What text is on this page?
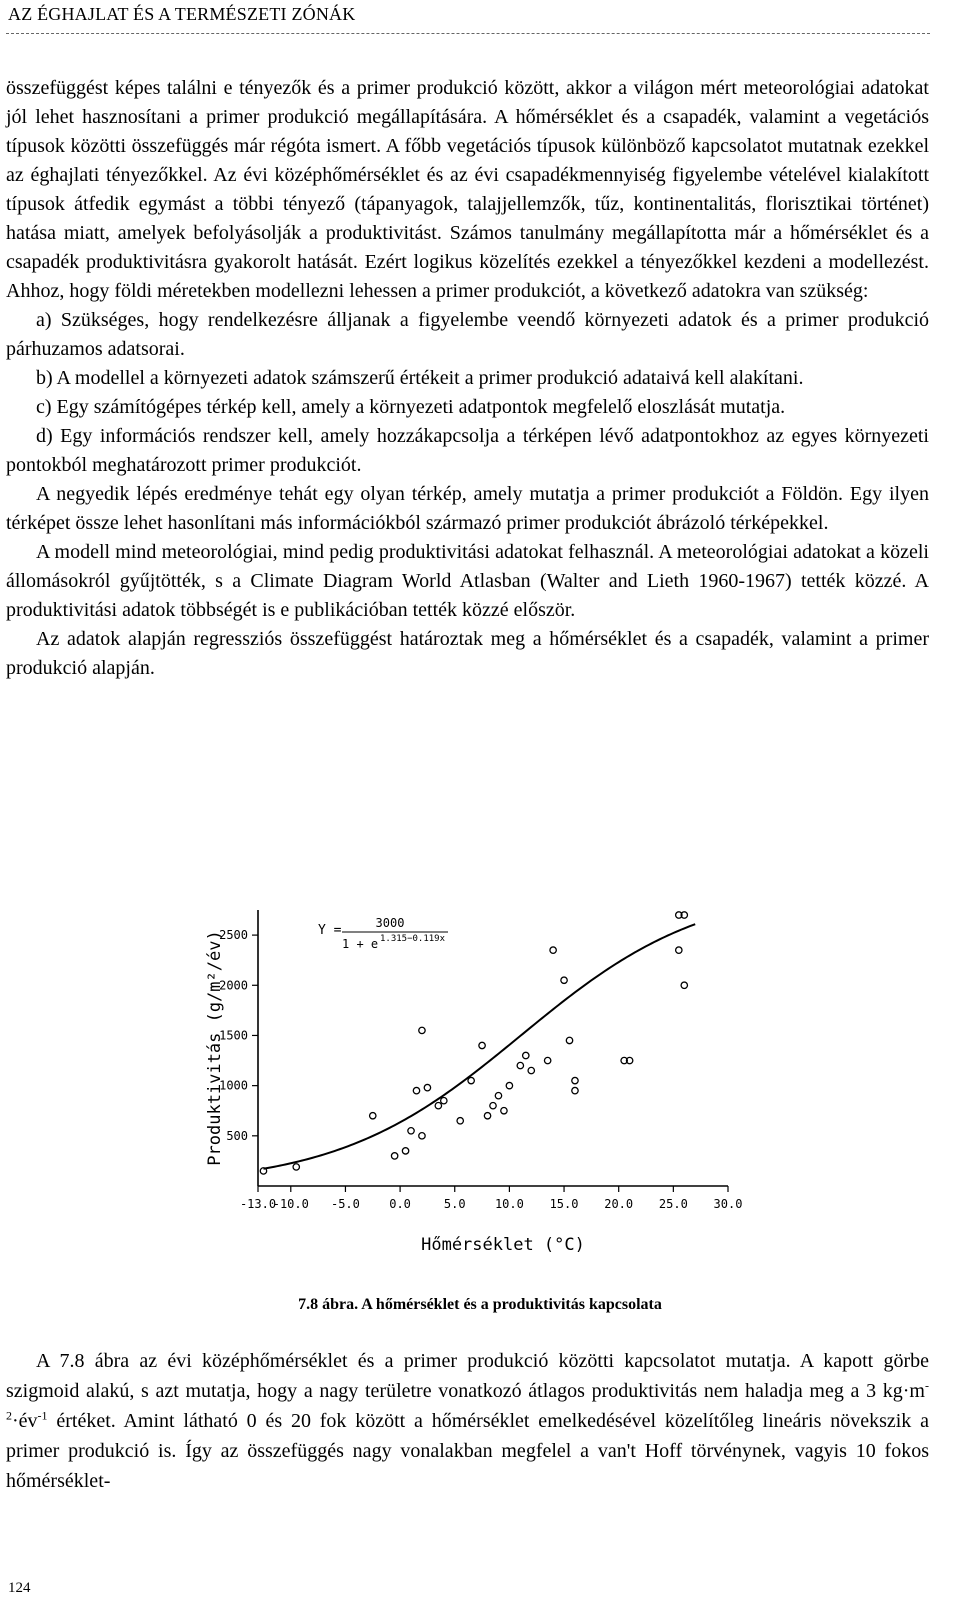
AZ ÉGHAJLAT ÉS A TERMÉSZETI ZÓNÁK

összefüggést képes találni e tényezők és a primer produkció között, akkor a világon mért meteorológiai adatokat jól lehet hasznosítani a primer produkció megállapítására. A hőmérséklet és a csapadék, valamint a vegetációs típusok közötti összefüggés már régóta ismert. A főbb vegetációs típusok különböző kapcsolatot mutatnak ezekkel az éghajlati tényezőkkel. Az évi középhőmérséklet és az évi csapadékmennyiség figyelembe vételével kialakított típusok átfedik egymást a többi tényező (tápanyagok, talajjellemzők, tűz, kontinentalitás, florisztikai történet) hatása miatt, amelyek befolyásolják a produktivitást. Számos tanulmány megállapította már a hőmérséklet és a csapadék produktivitásra gyakorolt hatását. Ezért logikus közelítés ezekkel a tényezőkkel kezdeni a modellezést. Ahhoz, hogy földi méretekben modellezni lehessen a primer produkciót, a következő adatokra van szükség:

a) Szükséges, hogy rendelkezésre álljanak a figyelembe veendő környezeti adatok és a primer produkció párhuzamos adatsorai.

b) A modellel a környezeti adatok számszerű értékeit a primer produkció adataivá kell alakítani.

c) Egy számítógépes térkép kell, amely a környezeti adatpontok megfelelő eloszlását mutatja.

d) Egy információs rendszer kell, amely hozzákapcsolja a térképen lévő adatpontokhoz az egyes környezeti pontokból meghatározott primer produkciót.

A negyedik lépés eredménye tehát egy olyan térkép, amely mutatja a primer produkciót a Földön. Egy ilyen térképet össze lehet hasonlítani más információkból származó primer produkciót ábrázoló térképekkel.

A modell mind meteorológiai, mind pedig produktivitási adatokat felhasznál. A meteorológiai adatokat a közeli állomásokról gyűjtötték, s a Climate Diagram World Atlasban (Walter and Lieth 1960-1967) tették közzé. A produktivitási adatok többségét is e publikációban tették közzé először.

Az adatok alapján regressziós összefüggést határoztak meg a hőmérséklet és a csapadék, valamint a primer produkció alapján.

-13.0
-10.0 -5.0 0.0	5.0 10.0 15.0 20.0 25.0 30.0
500
1000
1500
2000
2500	Y =	3000
1 + e 1.315−0.119x
Produktivitás (g/m²/év)
Hőmérséklet (°C)
7.8 ábra. A hőmérséklet és a produktivitás kapcsolata

A 7.8 ábra az évi középhőmérséklet és a primer produkció közötti kapcsolatot mutatja. A kapott görbe szigmoid alakú, s azt mutatja, hogy a nagy területre vonatkozó átlagos produktivitás nem haladja meg a 3 $kg\cdot m^{-2}\cdot év^{-1}$ értéket. Amint látható 0 és 20 fok között a hőmérséklet emelkedésével közelítőleg lineáris növekszik a primer produkció is. Így az összefüggés nagy vonalakban megfelel a van't Hoff törvénynek, vagyis 10 fokos hőmérséklet-

124
